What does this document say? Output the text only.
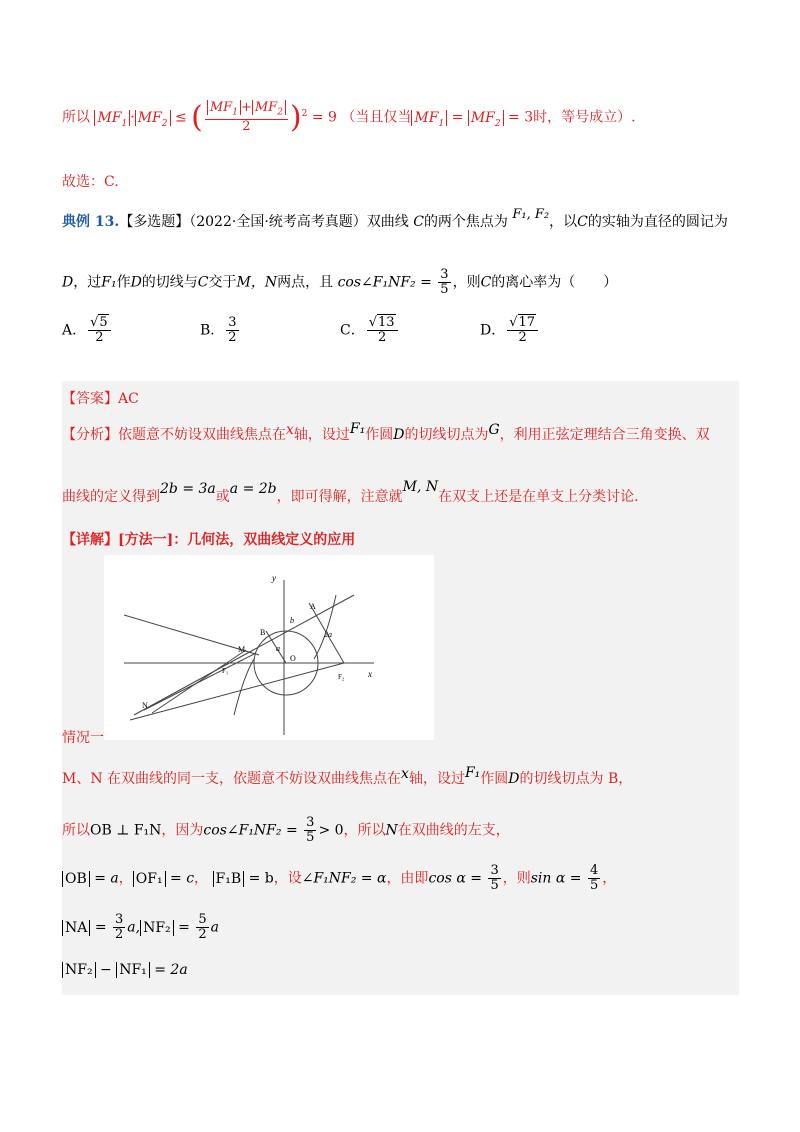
所以 $MF_1 \cdot MF_2$ ≤ ( $\frac{MF_1 + MF_2}{2} )^2 = 9$ （当且仅当 $MF_1 = MF_2 = 3$时，等号成立）.
故选：C.
典例 13.【多选题】（2022·全国·统考高考真题）双曲线 C的两个焦点为 F₁, F₂，以C的实轴为直径的圆记为
D，过F₁作D的切线与C交于M，N两点，且 cos∠F₁NF₂ = $\frac{3}{5}$ ，则C的离心率为（　　）
A． $\frac{√5}{2}$	B． $\frac{3}{2}$	C． $\frac{√13}{2}$	D． $\frac{√17}{2}$
【答案】AC
【分析】依题意不妨设双曲线焦点在x轴，设过F₁作圆D的切线切点为G，利用正弦定理结合三角变换、双
曲线的定义得到2b = 3a或a = 2b，即可得解，注意就M, N在双支上还是在单支上分类讨论.
【详解】[方法一]：几何法，双曲线定义的应用
y
x
A
B
b
a
2a
M
F₁
O
F₂
N
情况一
M、N 在双曲线的同一支，依题意不妨设双曲线焦点在x轴，设过F₁作圆D的切线切点为 B，
所以OB ⊥ F₁N，因为cos∠F₁NF₂ = $\frac{3}{5} > 0$，所以N在双曲线的左支，
OB = a， OF₁ = c， F₁B = b，设∠F₁NF₂ = α，由即$\cos \alpha = \frac{3}{5}$ ，则$\sin \alpha = \frac{4}{5}$ ，
NA = $\frac{3}{2} a$, $NF_2 = \frac{5}{2}$ a
NF₂ − NF₁ = 2a
